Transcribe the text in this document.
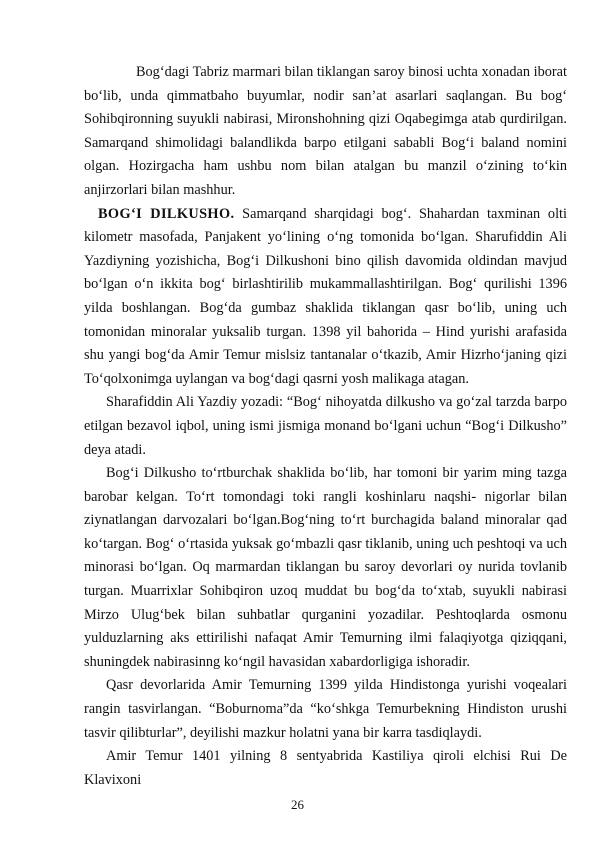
Bog‘dagi Tabriz marmari bilan tiklangan saroy binosi uchta xonadan iborat bo‘lib, unda qimmatbaho buyumlar, nodir san’at asarlari saqlangan. Bu bog‘ Sohibqironning suyukli nabirasi, Mironshohning qizi Oqabegimga atab qurdirilgan. Samarqand shimolidagi balandlikda barpo etilgani sababli Bog‘i baland nomini olgan. Hozirgacha ham ushbu nom bilan atalgan bu manzil o‘zining to‘kin anjirzorlari bilan mashhur.

BOG‘I DILKUSHO. Samarqand sharqidagi bog‘. Shahardan taxminan olti kilometr masofada, Panjakent yo‘lining o‘ng tomonida bo‘lgan. Sharufiddin Ali Yazdiyning yozishicha, Bog‘i Dilkushoni bino qilish davomida oldindan mavjud bo‘lgan o‘n ikkita bog‘ birlashtirilib mukammallashtirilgan. Bog‘ qurilishi 1396 yilda boshlangan. Bog‘da gumbaz shaklida tiklangan qasr bo‘lib, uning uch tomonidan minoralar yuksalib turgan. 1398 yil bahorida – Hind yurishi arafasida shu yangi bog‘da Amir Temur mislsiz tantanalar o‘tkazib, Amir Hizrho‘janing qizi To‘qolxonimga uylangan va bog‘dagi qasrni yosh malikaga atagan.

Sharafiddin Ali Yazdiy yozadi: “Bog‘ nihoyatda dilkusho va go‘zal tarzda barpo etilgan bezavol iqbol, uning ismi jismiga monand bo‘lgani uchun “Bog‘i Dilkusho” deya atadi.

Bog‘i Dilkusho to‘rtburchak shaklida bo‘lib, har tomoni bir yarim ming tazga barobar kelgan. To‘rt tomondagi toki rangli koshinlaru naqshi- nigorlar bilan ziynatlangan darvozalari bo‘lgan.Bog‘ning to‘rt burchagida baland minoralar qad ko‘targan. Bog‘ o‘rtasida yuksak go‘mbazli qasr tiklanib, uning uch peshtoqi va uch minorasi bo‘lgan. Oq marmardan tiklangan bu saroy devorlari oy nurida tovlanib turgan. Muarrixlar Sohibqiron uzoq muddat bu bog‘da to‘xtab, suyukli nabirasi Mirzo Ulug‘bek bilan suhbatlar qurganini yozadilar. Peshtoqlarda osmonu yulduzlarning aks ettirilishi nafaqat Amir Temurning ilmi falaqiyotga qiziqqani, shuningdek nabirasinng ko‘ngil havasidan xabardorligiga ishoradir.

Qasr devorlarida Amir Temurning 1399 yilda Hindistonga yurishi voqealari rangin tasvirlangan. “Boburnoma”da “ko‘shkga Temurbekning Hindiston urushi tasvir qilibturlar”, deyilishi mazkur holatni yana bir karra tasdiqlaydi.

Amir Temur 1401 yilning 8 sentyabrida Kastiliya qiroli elchisi Rui De Klavixoni

26
